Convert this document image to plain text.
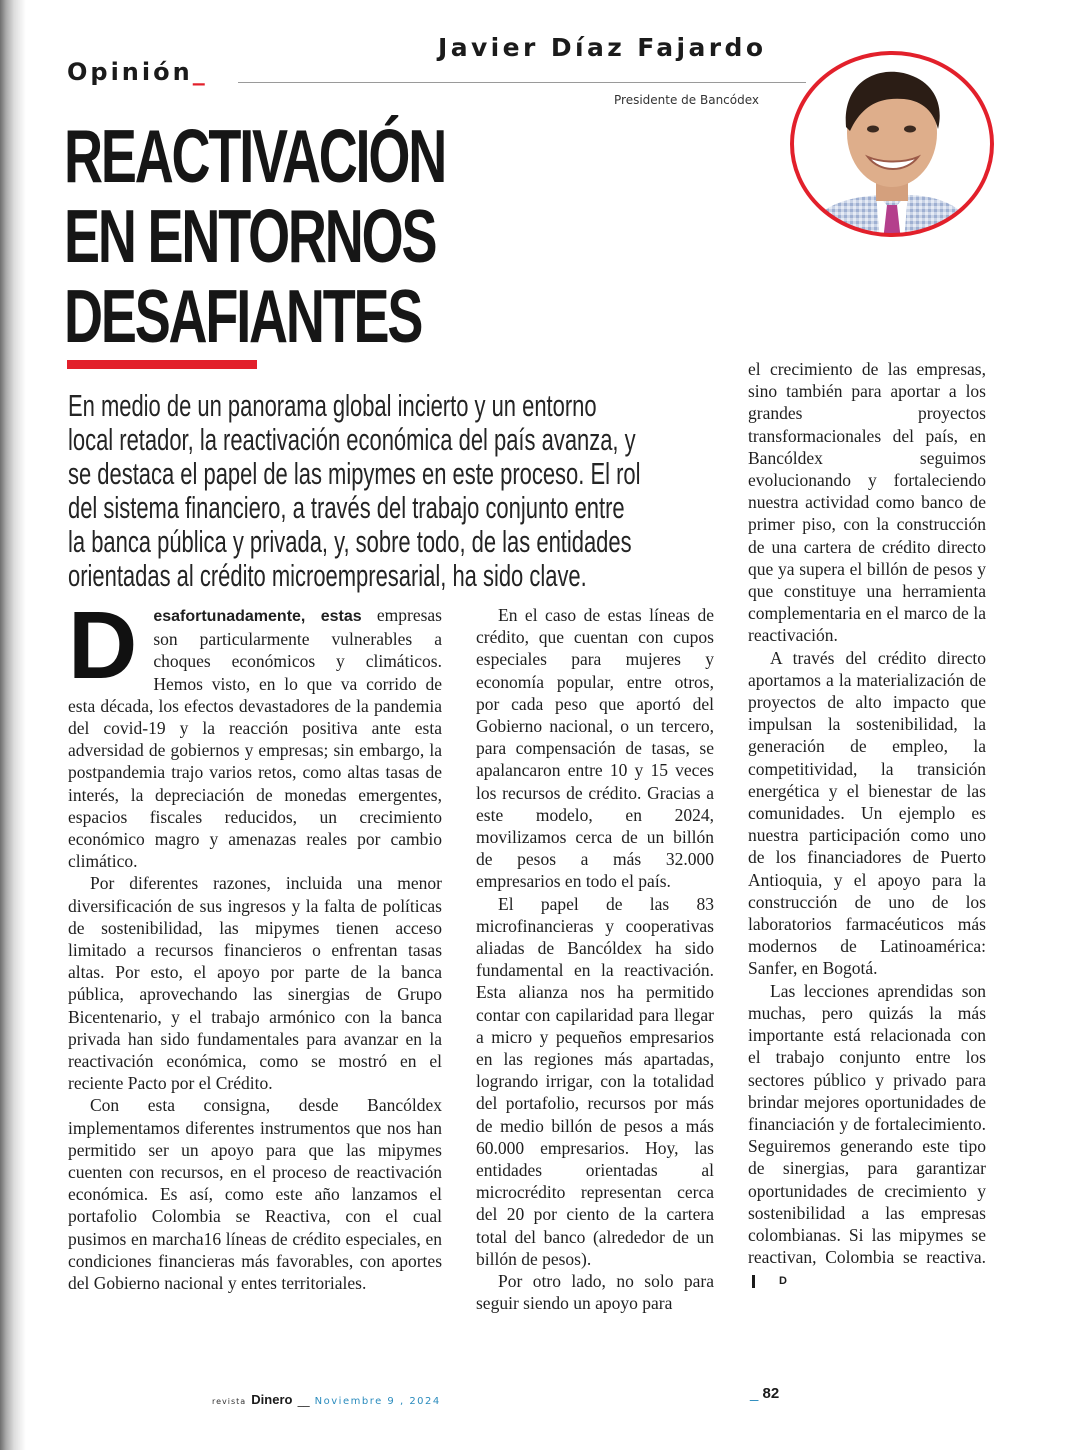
Opinión_
Javier Díaz Fajardo

Presidente de Bancódex

REACTIVACIÓN
EN ENTORNOS
DESAFIANTES

En medio de un panorama global incierto y un entorno
local retador, la reactivación económica del país avanza, y
se destaca el papel de las mipymes en este proceso. El rol
del sistema financiero, a través del trabajo conjunto entre
la banca pública y privada, y, sobre todo, de las entidades
orientadas al crédito microempresarial, ha sido clave.

D esafortunadamente, estas empresas son particularmente vulnerables a choques económicos y climáticos. Hemos visto, en lo que va corrido de esta década, los efectos devastadores de la pandemia del covid-19 y la reacción positiva ante esta adversidad de gobiernos y empresas; sin embargo, la postpandemia trajo varios retos, como altas tasas de interés, la depreciación de monedas emergentes, espacios fiscales reducidos, un crecimiento económico magro y amenazas reales por cambio climático.

Por diferentes razones, incluida una menor diversificación de sus ingresos y la falta de políticas de sostenibilidad, las mipymes tienen acceso limitado a recursos financieros o enfrentan tasas altas. Por esto, el apoyo por parte de la banca pública, aprovechando las sinergias de Grupo Bicentenario, y el trabajo armónico con la banca privada han sido fundamentales para avanzar en la reactivación económica, como se mostró en el reciente Pacto por el Crédito.

Con esta consigna, desde Bancóldex implementamos diferentes instrumentos que nos han permitido ser un apoyo para que las mipymes cuenten con recursos, en el proceso de reactivación económica. Es así, como este año lanzamos el portafolio Colombia se Reactiva, con el cual pusimos en marcha16 líneas de crédito especiales, en condiciones financieras más favorables, con aportes del Gobierno nacional y entes territoriales.

En el caso de estas líneas de crédito, que cuentan con cupos especiales para mujeres y economía popular, entre otros, por cada peso que aportó del Gobierno nacional, o un tercero, para compensación de tasas, se apalancaron entre 10 y 15 veces los recursos de crédito. Gracias a este modelo, en 2024, movilizamos cerca de un billón de pesos a más 32.000 empresarios en todo el país.

El papel de las 83 microfinancieras y cooperativas aliadas de Bancóldex ha sido fundamental en la reactivación. Esta alianza nos ha permitido contar con capilaridad para llegar a micro y pequeños empresarios en las regiones más apartadas, logrando irrigar, con la totalidad del portafolio, recursos por más de medio billón de pesos a más 60.000 empresarios. Hoy, las entidades orientadas al microcrédito representan cerca del 20 por ciento de la cartera total del banco (alrededor de un billón de pesos).

Por otro lado, no solo para seguir siendo un apoyo para

el crecimiento de las empresas, sino también para aportar a los grandes proyectos transformacionales del país, en Bancóldex seguimos evolucionando y fortaleciendo nuestra actividad como banco de primer piso, con la construcción de una cartera de crédito directo que ya supera el billón de pesos y que constituye una herramienta complementaria en el marco de la reactivación.

A través del crédito directo aportamos a la materialización de proyectos de alto impacto que impulsan la sostenibilidad, la generación de empleo, la competitividad, la transición energética y el bienestar de las comunidades. Un ejemplo es nuestra participación como uno de los financiadores de Puerto Antioquia, y el apoyo para la construcción de uno de los laboratorios farmacéuticos más modernos de Latinoamérica: Sanfer, en Bogotá.

Las lecciones aprendidas son muchas, pero quizás la más importante está relacionada con el trabajo conjunto entre los sectores público y privado para brindar mejores oportunidades de financiación y de fortalecimiento. Seguiremos generando este tipo de sinergias, para garantizar oportunidades de crecimiento y sostenibilidad a las empresas colombianas. Si las mipymes se reactivan, Colombia se reactiva.D

revista Dinero __ Noviembre 9 , 2024	_ 82
